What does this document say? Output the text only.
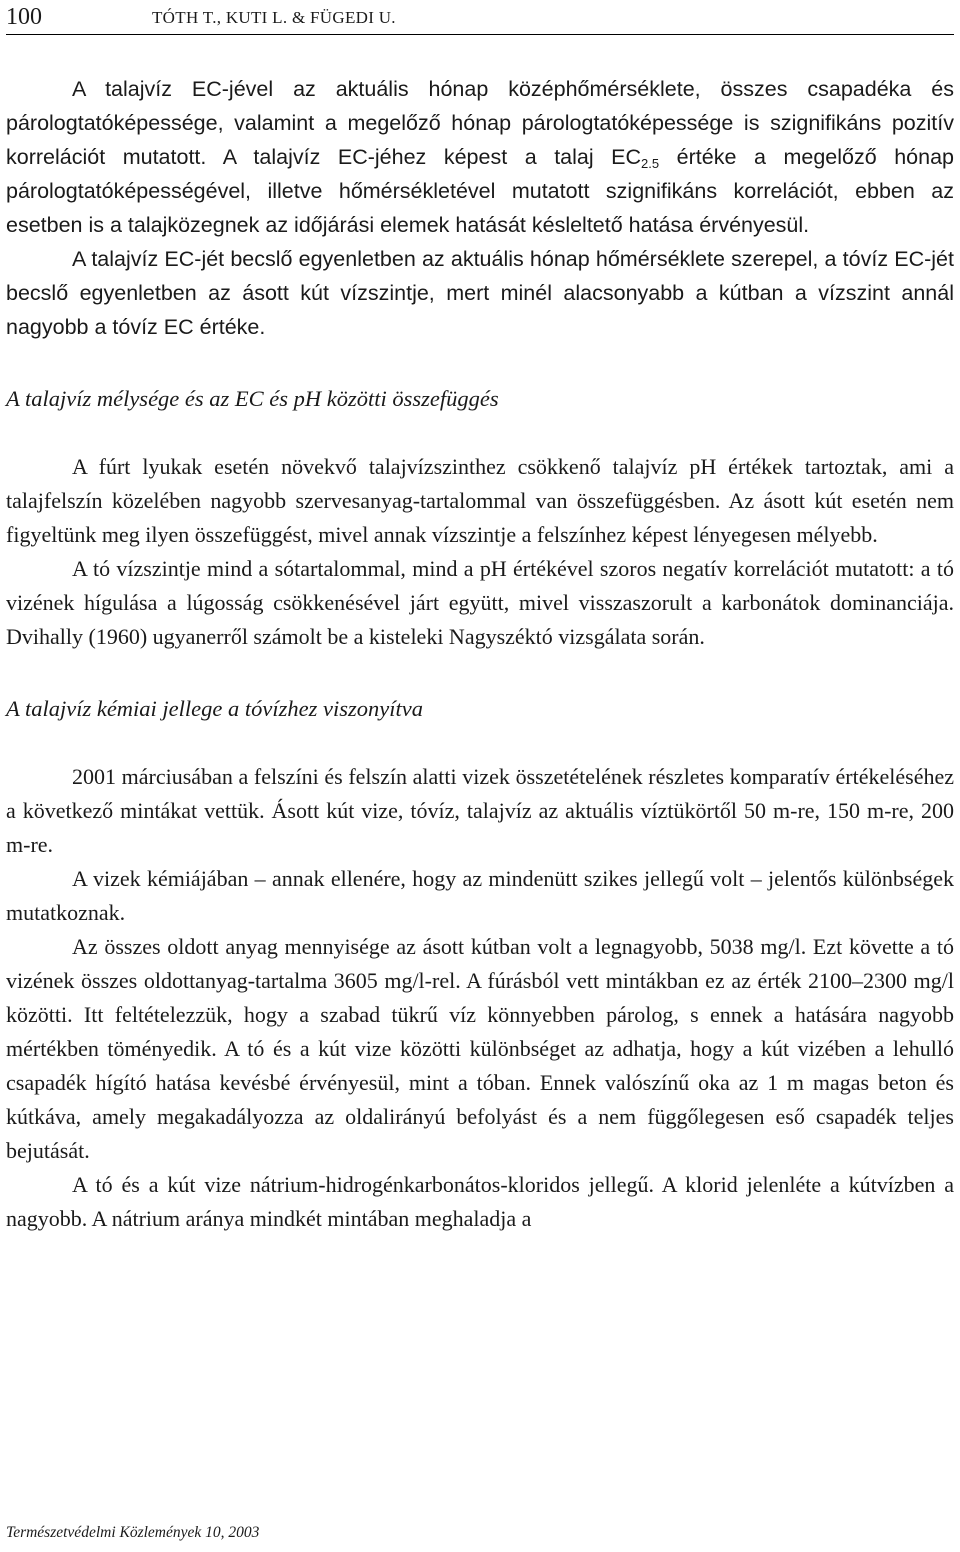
100	TÓTH T., KUTI L. & FÜGEDI U.

A talajvíz EC-jével az aktuális hónap középhőmérséklete, összes csapadéka és párologtatóképessége, valamint a megelőző hónap párologtatóképessége is szignifikáns pozitív korrelációt mutatott. A talajvíz EC-jéhez képest a talaj $EC_{2.5}$ értéke a megelőző hónap párologtatóképességével, illetve hőmérsékletével mutatott szignifikáns korrelációt, ebben az esetben is a talajközegnek az időjárási elemek hatását késleltető hatása érvényesül.

A talajvíz EC-jét becslő egyenletben az aktuális hónap hőmérséklete szerepel, a tóvíz EC-jét becslő egyenletben az ásott kút vízszintje, mert minél alacsonyabb a kútban a vízszint annál nagyobb a tóvíz EC értéke.

A talajvíz mélysége és az EC és pH közötti összefüggés

A fúrt lyukak esetén növekvő talajvízszinthez csökkenő talajvíz pH értékek tartoztak, ami a talajfelszín közelében nagyobb szervesanyag-tartalommal van összefüggésben. Az ásott kút esetén nem figyeltünk meg ilyen összefüggést, mivel annak vízszintje a felszínhez képest lényegesen mélyebb.

A tó vízszintje mind a sótartalommal, mind a pH értékével szoros negatív korrelációt mutatott: a tó vizének hígulása a lúgosság csökkenésével járt együtt, mivel visszaszorult a karbonátok dominanciája. Dvihally (1960) ugyanerről számolt be a kisteleki Nagyszéktó vizsgálata során.

A talajvíz kémiai jellege a tóvízhez viszonyítva

2001 márciusában a felszíni és felszín alatti vizek összetételének részletes komparatív értékeléséhez a következő mintákat vettük. Ásott kút vize, tóvíz, talajvíz az aktuális víztükörtől 50 m-re, 150 m-re, 200 m-re.

A vizek kémiájában – annak ellenére, hogy az mindenütt szikes jellegű volt – jelentős különbségek mutatkoznak.

Az összes oldott anyag mennyisége az ásott kútban volt a legnagyobb, 5038 mg/l. Ezt követte a tó vizének összes oldottanyag-tartalma 3605 mg/l-rel. A fúrásból vett mintákban ez az érték 2100–2300 mg/l közötti. Itt feltételezzük, hogy a szabad tükrű víz könnyebben párolog, s ennek a hatására nagyobb mértékben töményedik. A tó és a kút vize közötti különbséget az adhatja, hogy a kút vizében a lehulló csapadék hígító hatása kevésbé érvényesül, mint a tóban. Ennek valószínű oka az 1 m magas beton és kútkáva, amely megakadályozza az oldalirányú befolyást és a nem függőlegesen eső csapadék teljes bejutását.

A tó és a kút vize nátrium-hidrogénkarbonátos-kloridos jellegű. A klorid jelenléte a kútvízben a nagyobb. A nátrium aránya mindkét mintában meghaladja a

Természetvédelmi Közlemények 10, 2003
